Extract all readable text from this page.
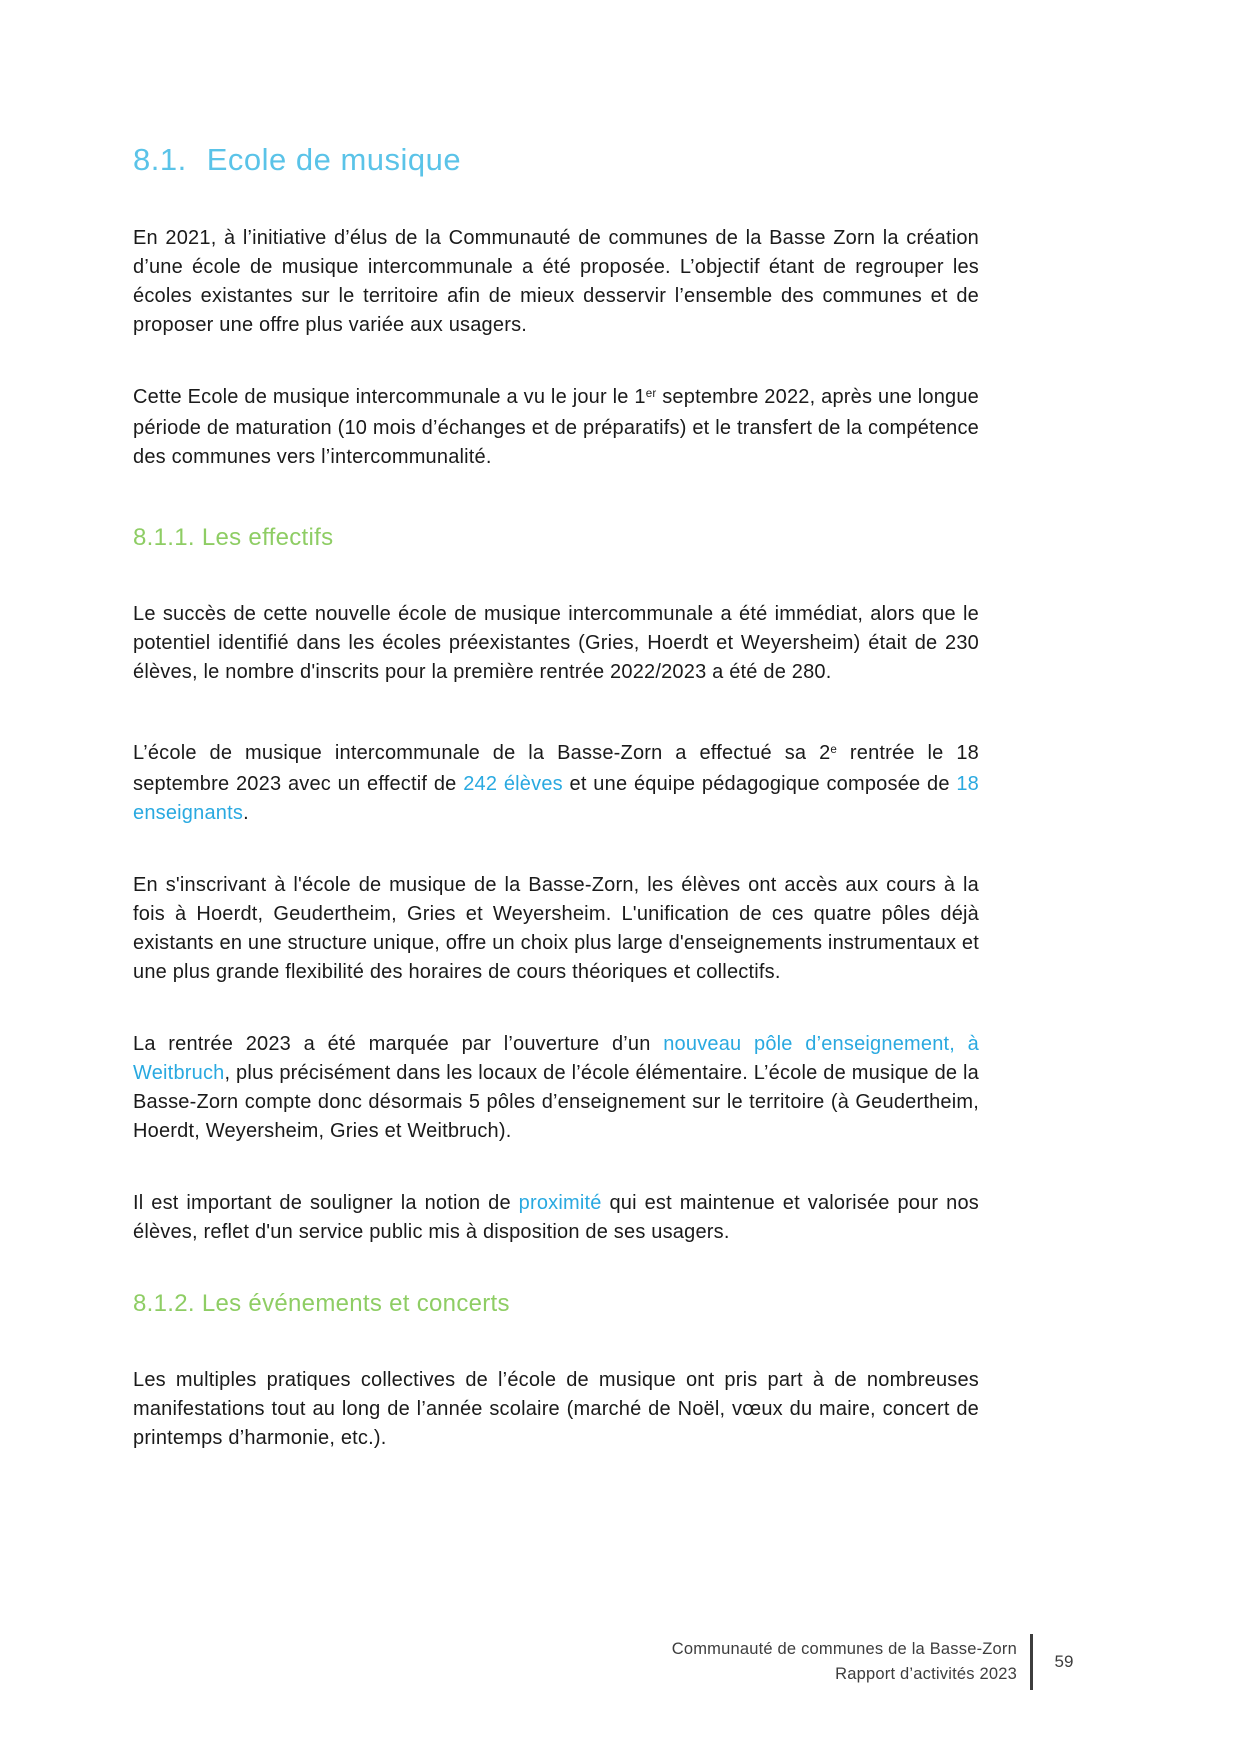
8.1. Ecole de musique

En 2021, à l’initiative d’élus de la Communauté de communes de la Basse Zorn la création d’une école de musique intercommunale a été proposée. L’objectif étant de regrouper les écoles existantes sur le territoire afin de mieux desservir l’ensemble des communes et de proposer une offre plus variée aux usagers.

Cette Ecole de musique intercommunale a vu le jour le 1er septembre 2022, après une longue période de maturation (10 mois d’échanges et de préparatifs) et le transfert de la compétence des communes vers l’intercommunalité.

8.1.1. Les effectifs

Le succès de cette nouvelle école de musique intercommunale a été immédiat, alors que le potentiel identifié dans les écoles préexistantes (Gries, Hoerdt et Weyersheim) était de 230 élèves, le nombre d'inscrits pour la première rentrée 2022/2023 a été de 280.

L’école de musique intercommunale de la Basse-Zorn a effectué sa 2e rentrée le 18 septembre 2023 avec un effectif de 242 élèves et une équipe pédagogique composée de 18 enseignants.

En s'inscrivant à l'école de musique de la Basse-Zorn, les élèves ont accès aux cours à la fois à Hoerdt, Geudertheim, Gries et Weyersheim. L'unification de ces quatre pôles déjà existants en une structure unique, offre un choix plus large d'enseignements instrumentaux et une plus grande flexibilité des horaires de cours théoriques et collectifs.

La rentrée 2023 a été marquée par l’ouverture d’un nouveau pôle d’enseignement, à Weitbruch, plus précisément dans les locaux de l’école élémentaire. L’école de musique de la Basse-Zorn compte donc désormais 5 pôles d’enseignement sur le territoire (à Geudertheim, Hoerdt, Weyersheim, Gries et Weitbruch).

Il est important de souligner la notion de proximité qui est maintenue et valorisée pour nos élèves, reflet d'un service public mis à disposition de ses usagers.

8.1.2. Les événements et concerts

Les multiples pratiques collectives de l’école de musique ont pris part à de nombreuses manifestations tout au long de l’année scolaire (marché de Noël, vœux du maire, concert de printemps d’harmonie, etc.).

Communauté de communes de la Basse-Zorn
Rapport d’activités 2023
59
